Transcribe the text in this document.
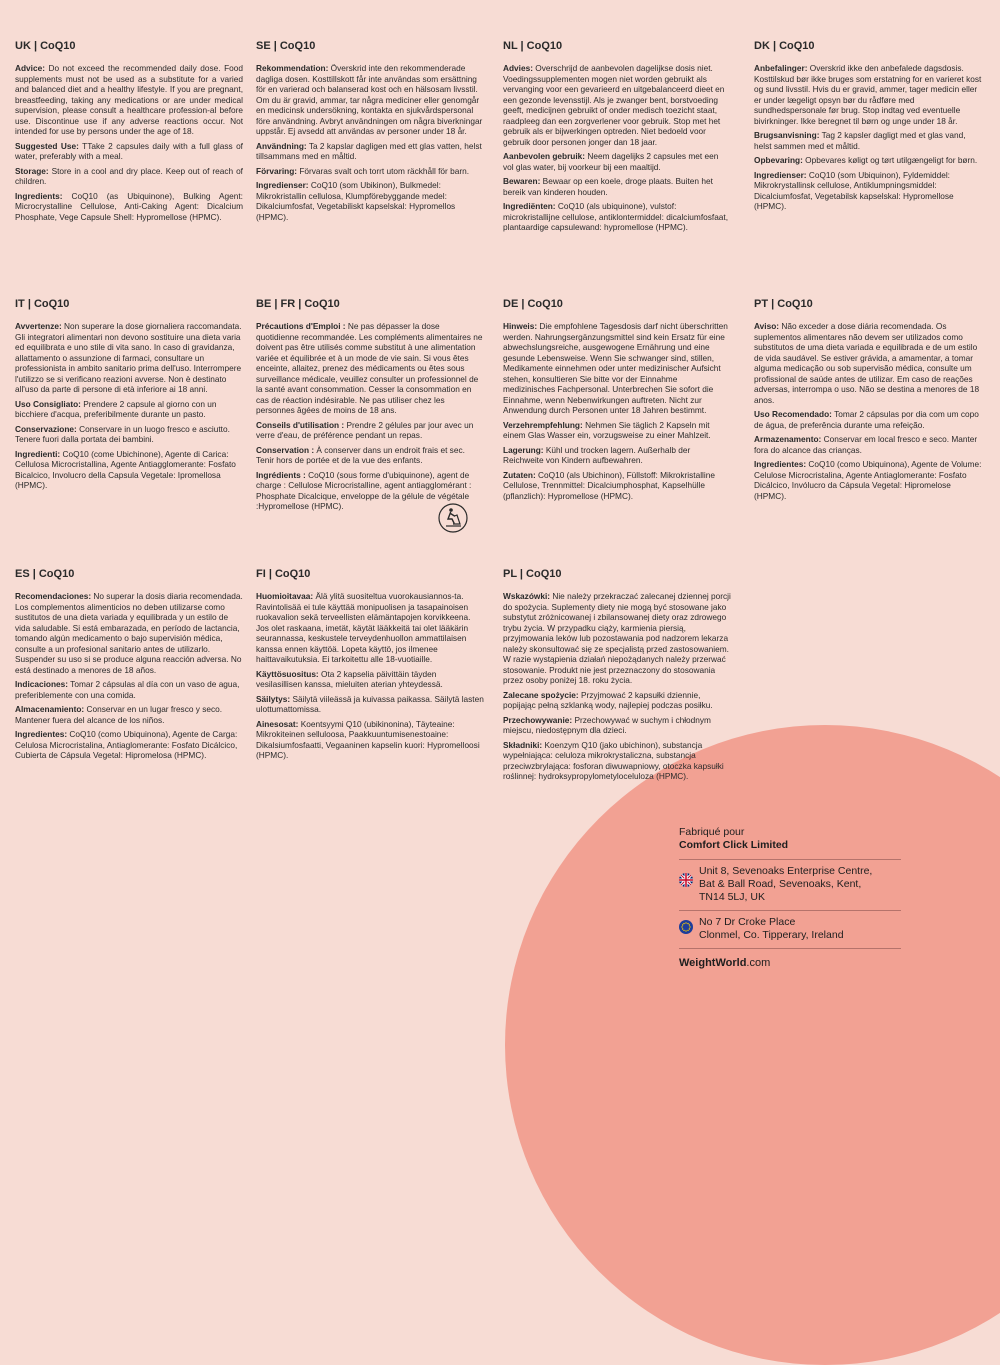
UK | CoQ10

Advice: Do not exceed the recommended daily dose. Food supplements must not be used as a substitute for a varied and balanced diet and a healthy lifestyle. If you are pregnant, breastfeeding, taking any medications or are under medical supervision, please consult a healthcare profession-al before use. Discontinue use if any adverse reactions occur. Not intended for use by persons under the age of 18.

Suggested Use: TTake 2 capsules daily with a full glass of water, preferably with a meal.

Storage: Store in a cool and dry place. Keep out of reach of children.

Ingredients: CoQ10 (as Ubiquinone), Bulking Agent: Microcrystalline Cellulose, Anti-Caking Agent: Dicalcium Phosphate, Vege Capsule Shell: Hypromellose (HPMC).

SE | CoQ10

Rekommendation: Överskrid inte den rekommenderade dagliga dosen. Kosttillskott får inte användas som ersättning för en varierad och balanserad kost och en hälsosam livsstil. Om du är gravid, ammar, tar några mediciner eller genomgår en medicinsk undersökning, kontakta en sjukvårdspersonal före användning. Avbryt användningen om några biverkningar uppstår. Ej avsedd att användas av personer under 18 år.

Användning: Ta 2 kapslar dagligen med ett glas vatten, helst tillsammans med en måltid.

Förvaring: Förvaras svalt och torrt utom räckhåll för barn.

Ingredienser: CoQ10 (som Ubikinon), Bulkmedel: Mikrokristallin cellulosa, Klumpförebyggande medel: Dikalciumfosfat, Vegetabiliskt kapselskal: Hypromellos (HPMC).

NL | CoQ10

Advies: Overschrijd de aanbevolen dagelijkse dosis niet. Voedingssupplementen mogen niet worden gebruikt als vervanging voor een gevarieerd en uitgebalanceerd dieet en een gezonde levensstijl. Als je zwanger bent, borstvoeding geeft, medicijnen gebruikt of onder medisch toezicht staat, raadpleeg dan een zorgverlener voor gebruik. Stop met het gebruik als er bijwerkingen optreden. Niet bedoeld voor gebruik door personen jonger dan 18 jaar.

Aanbevolen gebruik: Neem dagelijks 2 capsules met een vol glas water, bij voorkeur bij een maaltijd.

Bewaren: Bewaar op een koele, droge plaats. Buiten het bereik van kinderen houden.

Ingrediënten: CoQ10 (als ubiquinone), vulstof: microkristallijne cellulose, antiklontermiddel: dicalciumfosfaat, plantaardige capsulewand: hypromellose (HPMC).

DK | CoQ10

Anbefalinger: Overskrid ikke den anbefalede dagsdosis. Kosttilskud bør ikke bruges som erstatning for en varieret kost og sund livsstil. Hvis du er gravid, ammer, tager medicin eller er under lægeligt opsyn bør du rådføre med sundhedspersonale før brug. Stop indtag ved eventuelle bivirkninger. Ikke beregnet til børn og unge under 18 år.

Brugsanvisning: Tag 2 kapsler dagligt med et glas vand, helst sammen med et måltid.

Opbevaring: Opbevares køligt og tørt utilgængeligt for børn.

Ingredienser: CoQ10 (som Ubiquinon), Fyldemiddel: Mikrokrystallinsk cellulose, Antiklumpningsmiddel: Dicalciumfosfat, Vegetabilsk kapselskal: Hypromellose (HPMC).

IT | CoQ10

Avvertenze: Non superare la dose giornaliera raccomandata. Gli integratori alimentari non devono sostituire una dieta varia ed equilibrata e uno stile di vita sano. In caso di gravidanza, allattamento o assunzione di farmaci, consultare un professionista in ambito sanitario prima dell'uso. Interrompere l'utilizzo se si verificano reazioni avverse. Non è destinato all'uso da parte di persone di età inferiore ai 18 anni.

Uso Consigliato: Prendere 2 capsule al giorno con un bicchiere d'acqua, preferibilmente durante un pasto.

Conservazione: Conservare in un luogo fresco e asciutto. Tenere fuori dalla portata dei bambini.

Ingredienti: CoQ10 (come Ubichinone), Agente di Carica: Cellulosa Microcristallina, Agente Antiagglomerante: Fosfato Bicalcico, Involucro della Capsula Vegetale: Ipromellosa (HPMC).

BE | FR | CoQ10

Précautions d'Emploi : Ne pas dépasser la dose quotidienne recommandée. Les compléments alimentaires ne doivent pas être utilisés comme substitut à une alimentation variée et équilibrée et à un mode de vie sain. Si vous êtes enceinte, allaitez, prenez des médicaments ou êtes sous surveillance médicale, veuillez consulter un professionnel de la santé avant consommation. Cesser la consommation en cas de réaction indésirable. Ne pas utiliser chez les personnes âgées de moins de 18 ans.

Conseils d'utilisation : Prendre 2 gélules par jour avec un verre d'eau, de préférence pendant un repas.

Conservation : À conserver dans un endroit frais et sec. Tenir hors de portée et de la vue des enfants.

Ingrédients : CoQ10 (sous forme d'ubiquinone), agent de charge : Cellulose Microcristalline, agent antiagglomérant : Phosphate Dicalcique, enveloppe de la gélule de végétale :Hypromellose (HPMC).

DE | CoQ10

Hinweis: Die empfohlene Tagesdosis darf nicht überschritten werden. Nahrungsergänzungsmittel sind kein Ersatz für eine abwechslungsreiche, ausgewogene Ernährung und eine gesunde Lebensweise. Wenn Sie schwanger sind, stillen, Medikamente einnehmen oder unter medizinischer Aufsicht stehen, konsultieren Sie bitte vor der Einnahme medizinisches Fachpersonal. Unterbrechen Sie sofort die Einnahme, wenn Nebenwirkungen auftreten. Nicht zur Anwendung durch Personen unter 18 Jahren bestimmt.

Verzehrempfehlung: Nehmen Sie täglich 2 Kapseln mit einem Glas Wasser ein, vorzugsweise zu einer Mahlzeit.

Lagerung: Kühl und trocken lagern. Außerhalb der Reichweite von Kindern aufbewahren.

Zutaten: CoQ10 (als Ubichinon), Füllstoff: Mikrokristalline Cellulose, Trennmittel: Dicalciumphosphat, Kapselhülle (pflanzlich): Hypromellose (HPMC).

PT | CoQ10

Aviso: Não exceder a dose diária recomendada. Os suplementos alimentares não devem ser utilizados como substitutos de uma dieta variada e equilibrada e de um estilo de vida saudável. Se estiver grávida, a amamentar, a tomar alguma medicação ou sob supervisão médica, consulte um profissional de saúde antes de utilizar. Em caso de reações adversas, interrompa o uso. Não se destina a menores de 18 anos.

Uso Recomendado: Tomar 2 cápsulas por dia com um copo de água, de preferência durante uma refeição.

Armazenamento: Conservar em local fresco e seco. Manter fora do alcance das crianças.

Ingredientes: CoQ10 (como Ubiquinona), Agente de Volume: Celulose Microcristalina, Agente Antiaglomerante: Fosfato Dicálcico, Invólucro da Cápsula Vegetal: Hipromelose (HPMC).

ES | CoQ10

Recomendaciones: No superar la dosis diaria recomendada. Los complementos alimenticios no deben utilizarse como sustitutos de una dieta variada y equilibrada y un estilo de vida saludable. Si está embarazada, en período de lactancia, tomando algún medicamento o bajo supervisión médica, consulte a un profesional sanitario antes de utilizarlo. Suspender su uso si se produce alguna reacción adversa. No está destinado a menores de 18 años.

Indicaciones: Tomar 2 cápsulas al día con un vaso de agua, preferiblemente con una comida.

Almacenamiento: Conservar en un lugar fresco y seco. Mantener fuera del alcance de los niños.

Ingredientes: CoQ10 (como Ubiquinona), Agente de Carga: Celulosa Microcristalina, Antiaglomerante: Fosfato Dicálcico, Cubierta de Cápsula Vegetal: Hipromelosa (HPMC).

FI | CoQ10

Huomioitavaa: Älä ylitä suositeltua vuorokausiannos-ta. Ravintolisää ei tule käyttää monipuolisen ja tasapainoisen ruokavalion sekä terveellisten elämäntapojen korvikkeena. Jos olet raskaana, imetät, käytät lääkkeitä tai olet lääkärin seurannassa, keskustele terveydenhuollon ammattilaisen kanssa ennen käyttöä. Lopeta käyttö, jos ilmenee haittavaikutuksia. Ei tarkoitettu alle 18-vuotiaille.

Käyttösuositus: Ota 2 kapselia päivittäin täyden vesilasillisen kanssa, mieluiten aterian yhteydessä.

Säilytys: Säilytä viileässä ja kuivassa paikassa. Säilytä lasten ulottumattomissa.

Ainesosat: Koentsyymi Q10 (ubikinonina), Täyteaine: Mikrokiteinen selluloosa, Paakkuuntumisenestoaine: Dikalsiumfosfaatti, Vegaaninen kapselin kuori: Hypromelloosi (HPMC).

PL | CoQ10

Wskazówki: Nie należy przekraczać zalecanej dziennej porcji do spożycia. Suplementy diety nie mogą być stosowane jako substytut zróżnicowanej i zbilansowanej diety oraz zdrowego trybu życia. W przypadku ciąży, karmienia piersią, przyjmowania leków lub pozostawania pod nadzorem lekarza należy skonsultować się ze specjalistą przed zastosowaniem. W razie wystąpienia działań niepożądanych należy przerwać stosowanie. Produkt nie jest przeznaczony do stosowania przez osoby poniżej 18. roku życia.

Zalecane spożycie: Przyjmować 2 kapsułki dziennie, popijając pełną szklanką wody, najlepiej podczas posiłku.

Przechowywanie: Przechowywać w suchym i chłodnym miejscu, niedostępnym dla dzieci.

Składniki: Koenzym Q10 (jako ubichinon), substancja wypełniająca: celuloza mikrokrystaliczna, substancja przeciwzbrylająca: fosforan diwuwapniowy, otoczka kapsułki roślinnej: hydroksypropylometyloceluloza (HPMC).

Fabriqué pour
Comfort Click Limited
Unit 8, Sevenoaks Enterprise Centre,
Bat & Ball Road, Sevenoaks, Kent,
TN14 5LJ, UK
No 7 Dr Croke Place
Clonmel, Co. Tipperary, Ireland
WeightWorld.com
